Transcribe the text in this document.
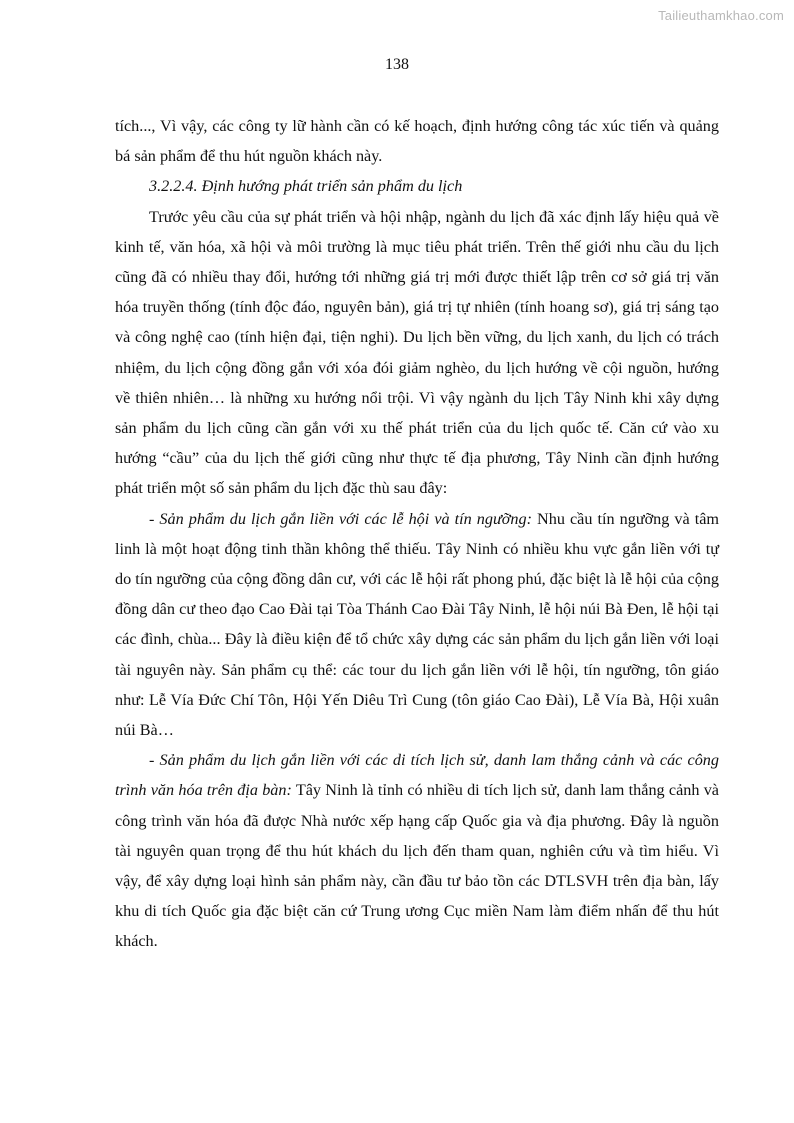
Tailieuthamkhao.com
138

tích..., Vì vậy, các công ty lữ hành cần có kế hoạch, định hướng công tác xúc tiến và quảng bá sản phẩm để thu hút nguồn khách này.

3.2.2.4. Định hướng phát triển sản phẩm du lịch

Trước yêu cầu của sự phát triển và hội nhập, ngành du lịch đã xác định lấy hiệu quả về kinh tế, văn hóa, xã hội và môi trường là mục tiêu phát triển. Trên thế giới nhu cầu du lịch cũng đã có nhiều thay đổi, hướng tới những giá trị mới được thiết lập trên cơ sở giá trị văn hóa truyền thống (tính độc đáo, nguyên bản), giá trị tự nhiên (tính hoang sơ), giá trị sáng tạo và công nghệ cao (tính hiện đại, tiện nghi). Du lịch bền vững, du lịch xanh, du lịch có trách nhiệm, du lịch cộng đồng gắn với xóa đói giảm nghèo, du lịch hướng về cội nguồn, hướng về thiên nhiên… là những xu hướng nổi trội. Vì vậy ngành du lịch Tây Ninh khi xây dựng sản phẩm du lịch cũng cần gắn với xu thế phát triển của du lịch quốc tế. Căn cứ vào xu hướng “cầu” của du lịch thế giới cũng như thực tế địa phương, Tây Ninh cần định hướng phát triển một số sản phẩm du lịch đặc thù sau đây:

- Sản phẩm du lịch gắn liền với các lễ hội và tín ngưỡng: Nhu cầu tín ngưỡng và tâm linh là một hoạt động tinh thần không thể thiếu. Tây Ninh có nhiều khu vực gắn liền với tự do tín ngưỡng của cộng đồng dân cư, với các lễ hội rất phong phú, đặc biệt là lễ hội của cộng đồng dân cư theo đạo Cao Đài tại Tòa Thánh Cao Đài Tây Ninh, lễ hội núi Bà Đen, lễ hội tại các đình, chùa... Đây là điều kiện để tổ chức xây dựng các sản phẩm du lịch gắn liền với loại tài nguyên này. Sản phẩm cụ thể: các tour du lịch gắn liền với lễ hội, tín ngưỡng, tôn giáo như: Lễ Vía Đức Chí Tôn, Hội Yến Diêu Trì Cung (tôn giáo Cao Đài), Lễ Vía Bà, Hội xuân núi Bà…

- Sản phẩm du lịch gắn liền với các di tích lịch sử, danh lam thắng cảnh và các công trình văn hóa trên địa bàn: Tây Ninh là tỉnh có nhiều di tích lịch sử, danh lam thắng cảnh và công trình văn hóa đã được Nhà nước xếp hạng cấp Quốc gia và địa phương. Đây là nguồn tài nguyên quan trọng để thu hút khách du lịch đến tham quan, nghiên cứu và tìm hiểu. Vì vậy, để xây dựng loại hình sản phẩm này, cần đầu tư bảo tồn các DTLSVH trên địa bàn, lấy khu di tích Quốc gia đặc biệt căn cứ Trung ương Cục miền Nam làm điểm nhấn để thu hút khách.
